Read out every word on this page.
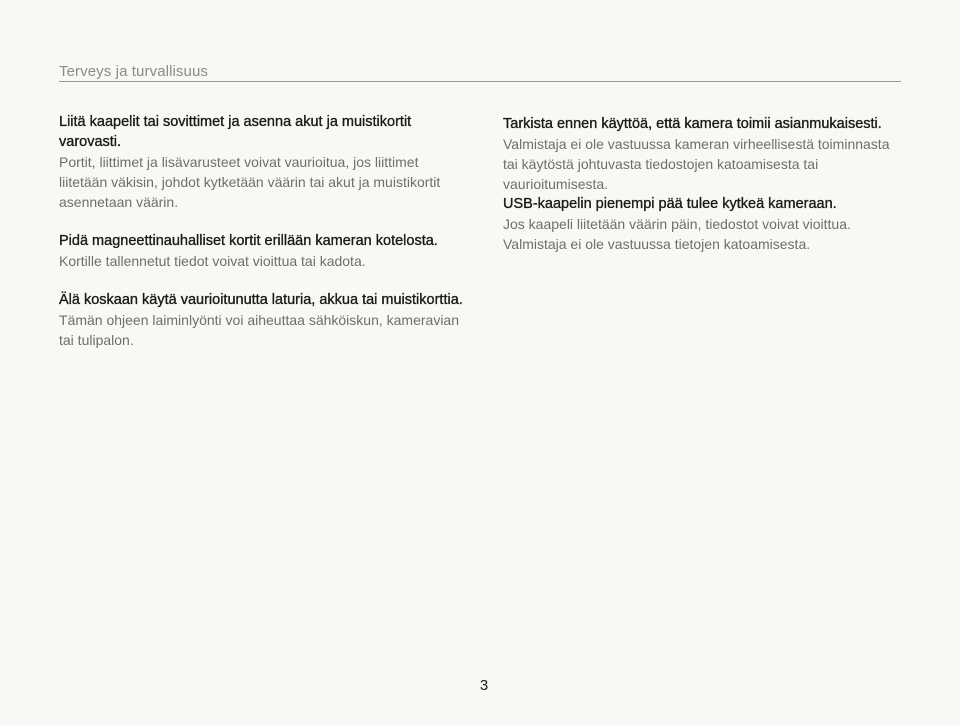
Terveys ja turvallisuus
Liitä kaapelit tai sovittimet ja asenna akut ja muistikortit varovasti.

Portit, liittimet ja lisävarusteet voivat vaurioitua, jos liittimet liitetään väkisin, johdot kytketään väärin tai akut ja muistikortit asennetaan väärin.

Pidä magneettinauhalliset kortit erillään kameran kotelosta.

Kortille tallennetut tiedot voivat vioittua tai kadota.

Älä koskaan käytä vaurioitunutta laturia, akkua tai muistikorttia.

Tämän ohjeen laiminlyönti voi aiheuttaa sähköiskun, kameravian tai tulipalon.

Tarkista ennen käyttöä, että kamera toimii asianmukaisesti.

Valmistaja ei ole vastuussa kameran virheellisestä toiminnasta tai käytöstä johtuvasta tiedostojen katoamisesta tai vaurioitumisesta.

USB-kaapelin pienempi pää tulee kytkeä kameraan.

Jos kaapeli liitetään väärin päin, tiedostot voivat vioittua. Valmistaja ei ole vastuussa tietojen katoamisesta.

3
